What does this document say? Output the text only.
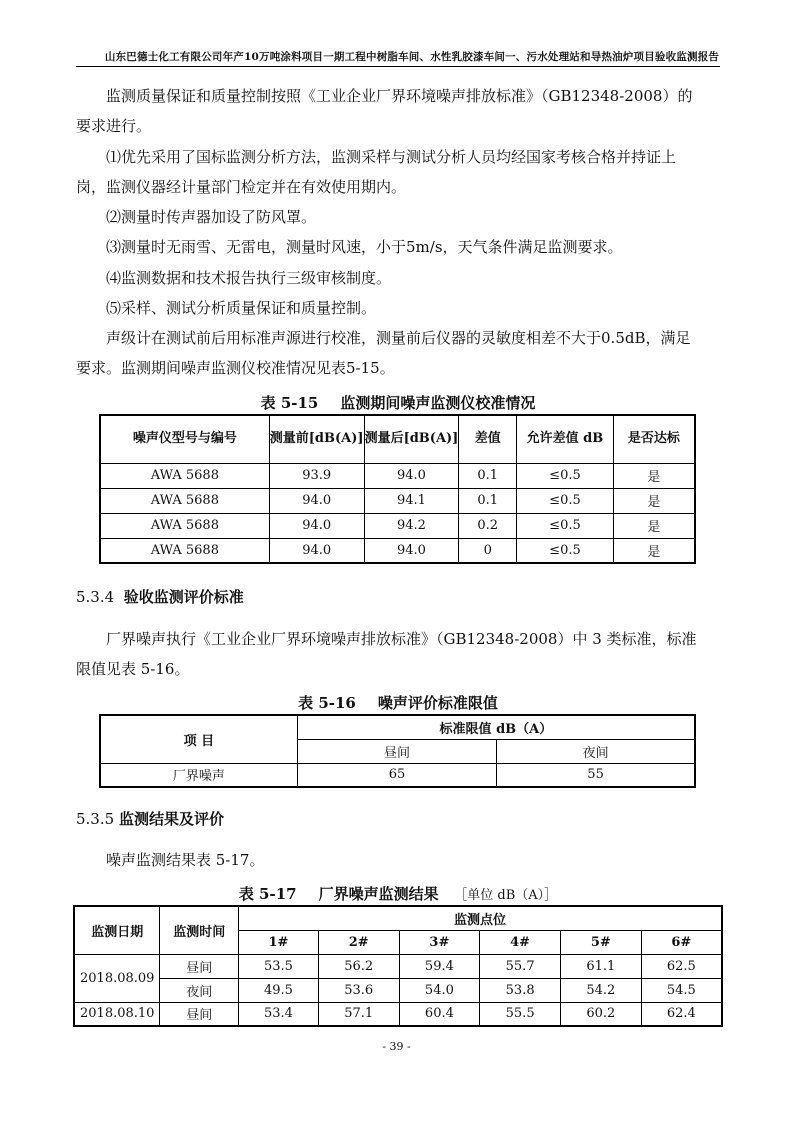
山东巴德士化工有限公司年产10万吨涂料项目一期工程中树脂车间、水性乳胶漆车间一、污水处理站和导热油炉项目验收监测报告
监测质量保证和质量控制按照《工业企业厂界环境噪声排放标准》（GB12348-2008）的
要求进行。
⑴优先采用了国标监测分析方法，监测采样与测试分析人员均经国家考核合格并持证上
岗，监测仪器经计量部门检定并在有效使用期内。
⑵测量时传声器加设了防风罩。
⑶测量时无雨雪、无雷电，测量时风速，小于5m/s，天气条件满足监测要求。
⑷监测数据和技术报告执行三级审核制度。
⑸采样、测试分析质量保证和质量控制。
声级计在测试前后用标准声源进行校准，测量前后仪器的灵敏度相差不大于0.5dB，满足
要求。监测期间噪声监测仪校准情况见表5-15。
表 5-15 监测期间噪声监测仪校准情况
噪声仪型号与编号	测量前[dB(A)]	测量后[dB(A)]	差值	允许差值 dB	是否达标
AWA 5688	93.9	94.0	0.1	≤0.5	是
AWA 5688	94.0	94.1	0.1	≤0.5	是
AWA 5688	94.0	94.2	0.2	≤0.5	是
AWA 5688	94.0	94.0	0	≤0.5	是
5.3.4 验收监测评价标准
厂界噪声执行《工业企业厂界环境噪声排放标准》（GB12348-2008）中 3 类标准，标准
限值见表 5-16。
表 5-16 噪声评价标准限值
项 目	标准限值 dB（A）	
	昼间	夜间
厂界噪声	65	55
5.3.5 监测结果及评价
噪声监测结果表 5-17。
表 5-17 厂界噪声监测结果 ［单位 dB（A）］
监测日期	监测时间	监测点位					
		1#	2#	3#	4#	5#	6#
2018.08.09	昼间	53.5	56.2	59.4	55.7	61.1	62.5
	夜间	49.5	53.6	54.0	53.8	54.2	54.5
2018.08.10	昼间	53.4	57.1	60.4	55.5	60.2	62.4
- 39 -
